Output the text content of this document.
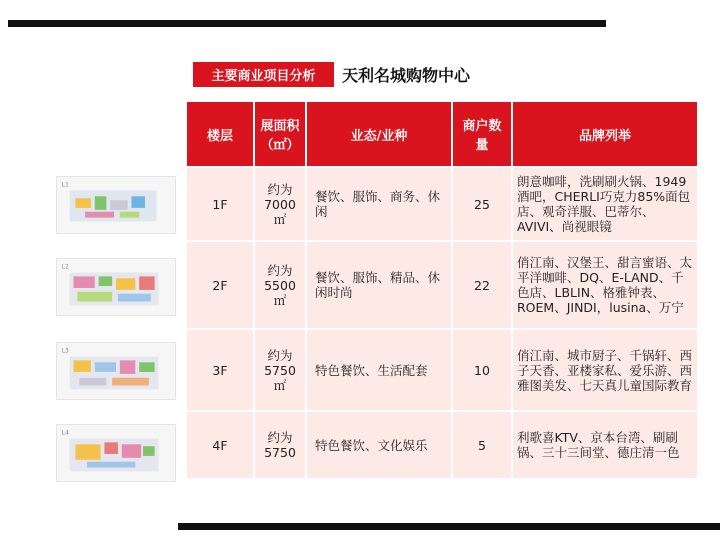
主要商业项目分析	天利名城购物中心
L1
L2
L3
L4
楼层	展面积（㎡）	业态/业种	商户数量	品牌列举
1F	约为7000㎡	餐饮、服饰、商务、休闲	25	朗意咖啡，洗刷刷火锅、1949酒吧，CHERLI巧克力85%面包店、观奇洋服、巴蒂尔、AVIVI、尚视眼镜
2F	约为5500㎡	餐饮、服饰、精品、休闲时尚	22	俏江南、汉堡王、甜言蜜语、太平洋咖啡、DQ、E-LAND、千色店、LBLIN、格雅钟表、ROEM、JINDI，lusina、万宁
3F	约为5750㎡	特色餐饮、生活配套	10	俏江南、城市厨子、千锅轩、西子天香、亚楼家私、爱乐游、西雅图美发、七天真儿童国际教育
4F	约为5750	特色餐饮、文化娱乐	5	利歌喜KTV、京本台湾、刷刷锅、三十三间堂、德庄清一色
